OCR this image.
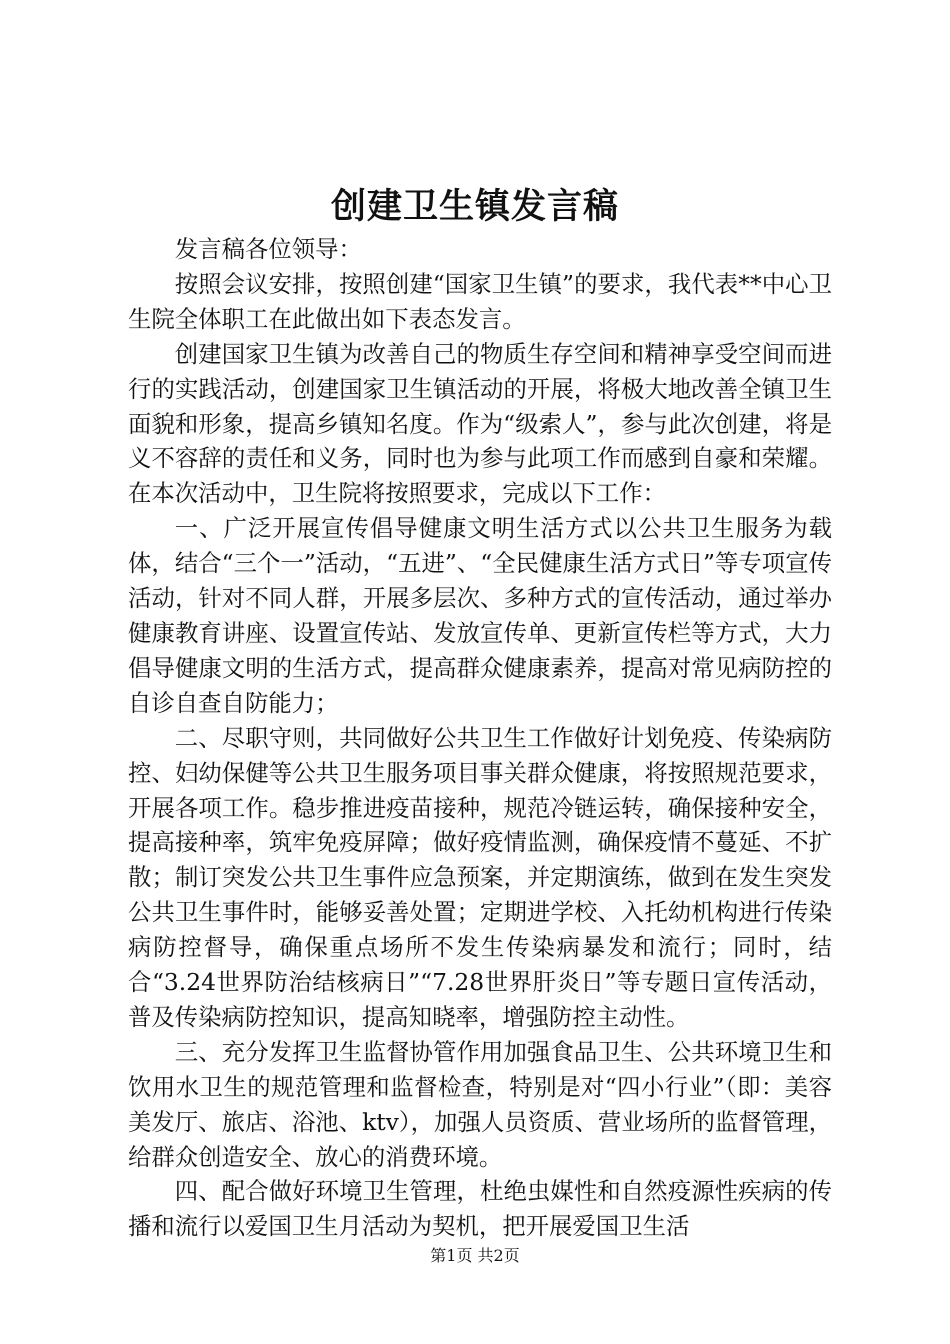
创建卫生镇发言稿

发言稿各位领导：

按照会议安排，按照创建“国家卫生镇”的要求，我代表**中心卫生院全体职工在此做出如下表态发言。

创建国家卫生镇为改善自己的物质生存空间和精神享受空间而进行的实践活动，创建国家卫生镇活动的开展，将极大地改善全镇卫生面貌和形象，提高乡镇知名度。作为“级索人”，参与此次创建，将是义不容辞的责任和义务，同时也为参与此项工作而感到自豪和荣耀。在本次活动中，卫生院将按照要求，完成以下工作：

一、广泛开展宣传倡导健康文明生活方式以公共卫生服务为载体，结合“三个一”活动，“五进”、“全民健康生活方式日”等专项宣传活动，针对不同人群，开展多层次、多种方式的宣传活动，通过举办健康教育讲座、设置宣传站、发放宣传单、更新宣传栏等方式，大力倡导健康文明的生活方式，提高群众健康素养，提高对常见病防控的自诊自查自防能力；

二、尽职守则，共同做好公共卫生工作做好计划免疫、传染病防控、妇幼保健等公共卫生服务项目事关群众健康，将按照规范要求，开展各项工作。稳步推进疫苗接种，规范冷链运转，确保接种安全，提高接种率，筑牢免疫屏障；做好疫情监测，确保疫情不蔓延、不扩散；制订突发公共卫生事件应急预案，并定期演练，做到在发生突发公共卫生事件时，能够妥善处置；定期进学校、入托幼机构进行传染病防控督导，确保重点场所不发生传染病暴发和流行；同时，结合“3.24世界防治结核病日”“7.28世界肝炎日”等专题日宣传活动，普及传染病防控知识，提高知晓率，增强防控主动性。

三、充分发挥卫生监督协管作用加强食品卫生、公共环境卫生和饮用水卫生的规范管理和监督检查，特别是对“四小行业”（即：美容美发厅、旅店、浴池、ktv），加强人员资质、营业场所的监督管理，给群众创造安全、放心的消费环境。

四、配合做好环境卫生管理，杜绝虫媒性和自然疫源性疾病的传播和流行以爱国卫生月活动为契机，把开展爱国卫生活

第1页 共2页
